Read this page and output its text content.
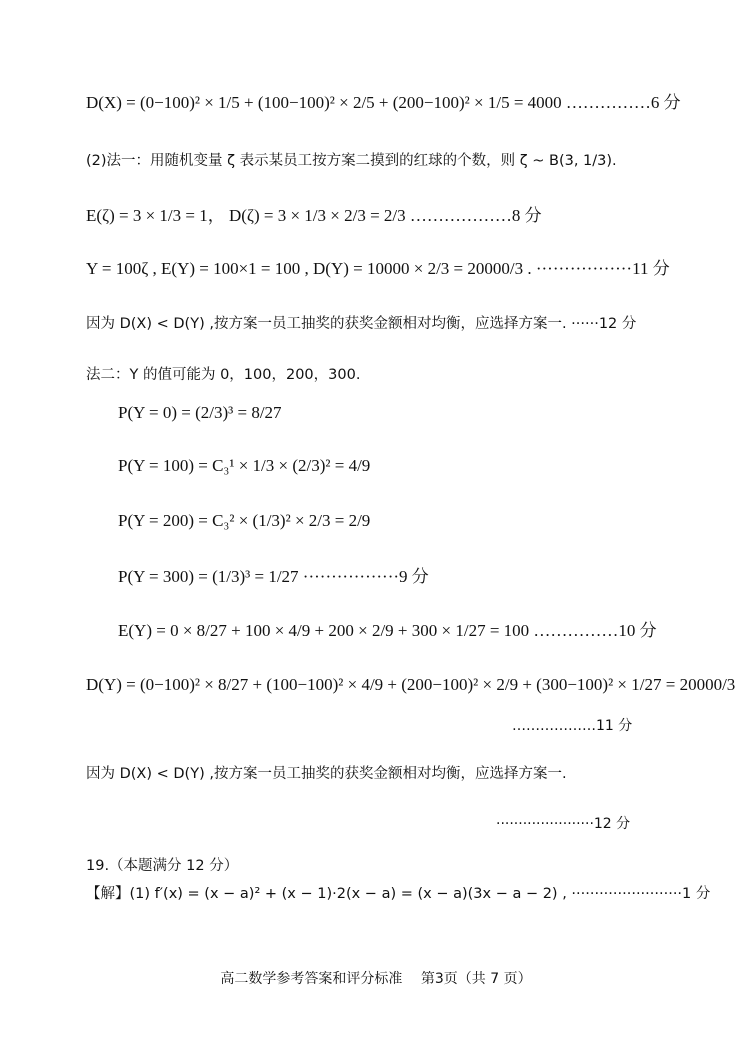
D(X) = (0−100)² × 1/5 + (100−100)² × 2/5 + (200−100)² × 1/5 = 4000 ……………6 分
(2)法一：用随机变量 ζ 表示某员工按方案二摸到的红球的个数，则 ζ ~ B(3, 1/3).
E(ζ) = 3 × 1/3 = 1， D(ζ) = 3 × 1/3 × 2/3 = 2/3 ………………8 分
Y = 100ζ , E(Y) = 100×1 = 100 , D(Y) = 10000 × 2/3 = 20000/3 . ·················11 分
因为 D(X) < D(Y) ,按方案一员工抽奖的获奖金额相对均衡，应选择方案一. ······12 分
法二：Y 的值可能为 0，100，200，300.
P(Y = 0) = (2/3)³ = 8/27
P(Y = 100) = C₃¹ × 1/3 × (2/3)² = 4/9
P(Y = 200) = C₃² × (1/3)² × 2/3 = 2/9
P(Y = 300) = (1/3)³ = 1/27 ·················9 分
E(Y) = 0 × 8/27 + 100 × 4/9 + 200 × 2/9 + 300 × 1/27 = 100 ……………10 分
D(Y) = (0−100)² × 8/27 + (100−100)² × 4/9 + (200−100)² × 2/9 + (300−100)² × 1/27 = 20000/3
………………11 分
因为 D(X) < D(Y) ,按方案一员工抽奖的获奖金额相对均衡，应选择方案一.
······················12 分
19.（本题满分 12 分）
【解】(1) f′(x) = (x − a)² + (x − 1)·2(x − a) = (x − a)(3x − a − 2) , ························1 分
高二数学参考答案和评分标准　 第3页（共 7 页）
